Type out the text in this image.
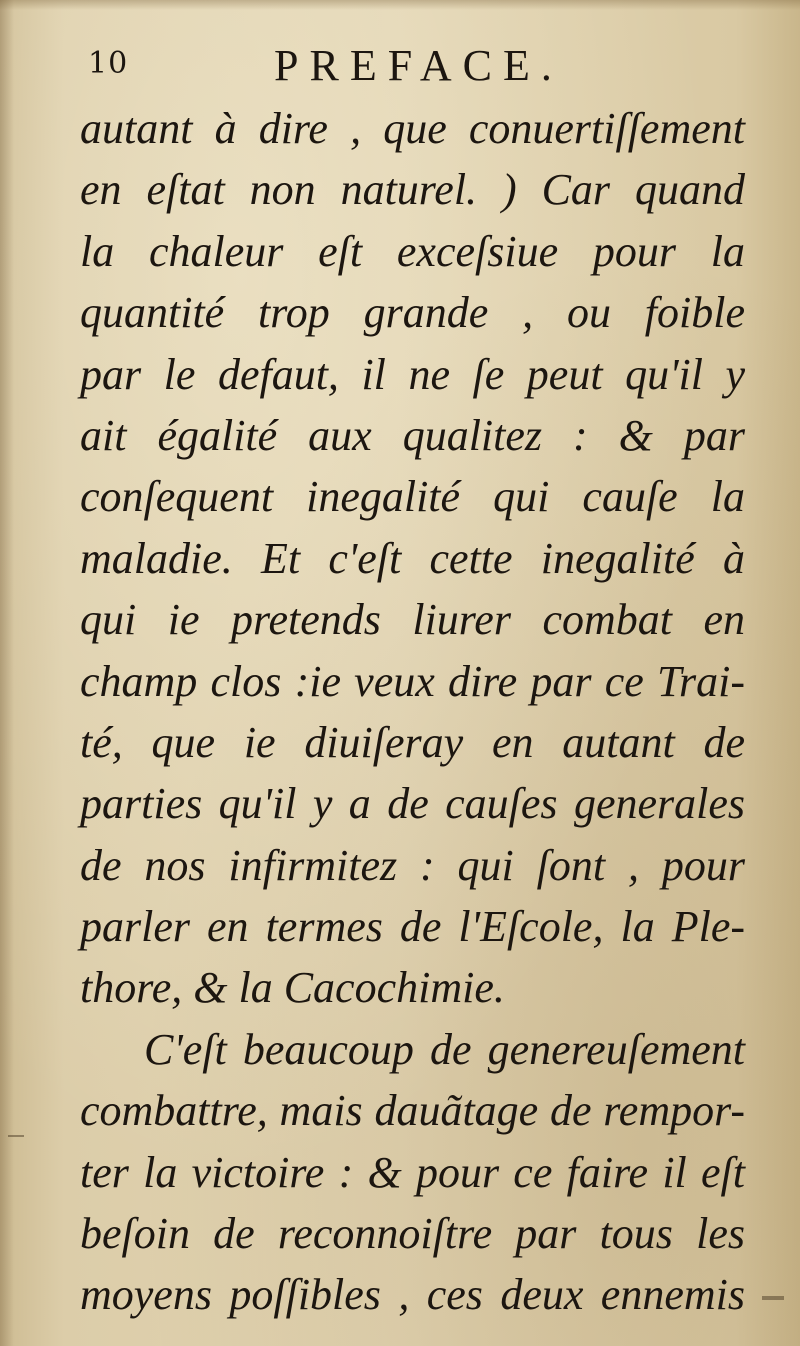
10	PREFACE.
autant à dire , que conuertiſſement
en eſtat non naturel. ) Car quand
la chaleur eſt exceſsiue pour la
quantité trop grande , ou foible
par le defaut, il ne ſe peut qu'il y
ait égalité aux qualitez : & par
conſequent inegalité qui cauſe la
maladie. Et c'eſt cette inegalité à
qui ie pretends liurer combat en
champ clos :ie veux dire par ce Trai-
té, que ie diuiſeray en autant de
parties qu'il y a de cauſes generales
de nos infirmitez : qui ſont , pour
parler en termes de l'Eſcole, la Ple-
thore, & la Cacochimie.
C'eſt beaucoup de genereuſement
combattre, mais dauãtage de rempor-
ter la victoire : & pour ce faire il eſt
beſoin de reconnoiſtre par tous les
moyens poſſibles , ces deux ennemis
